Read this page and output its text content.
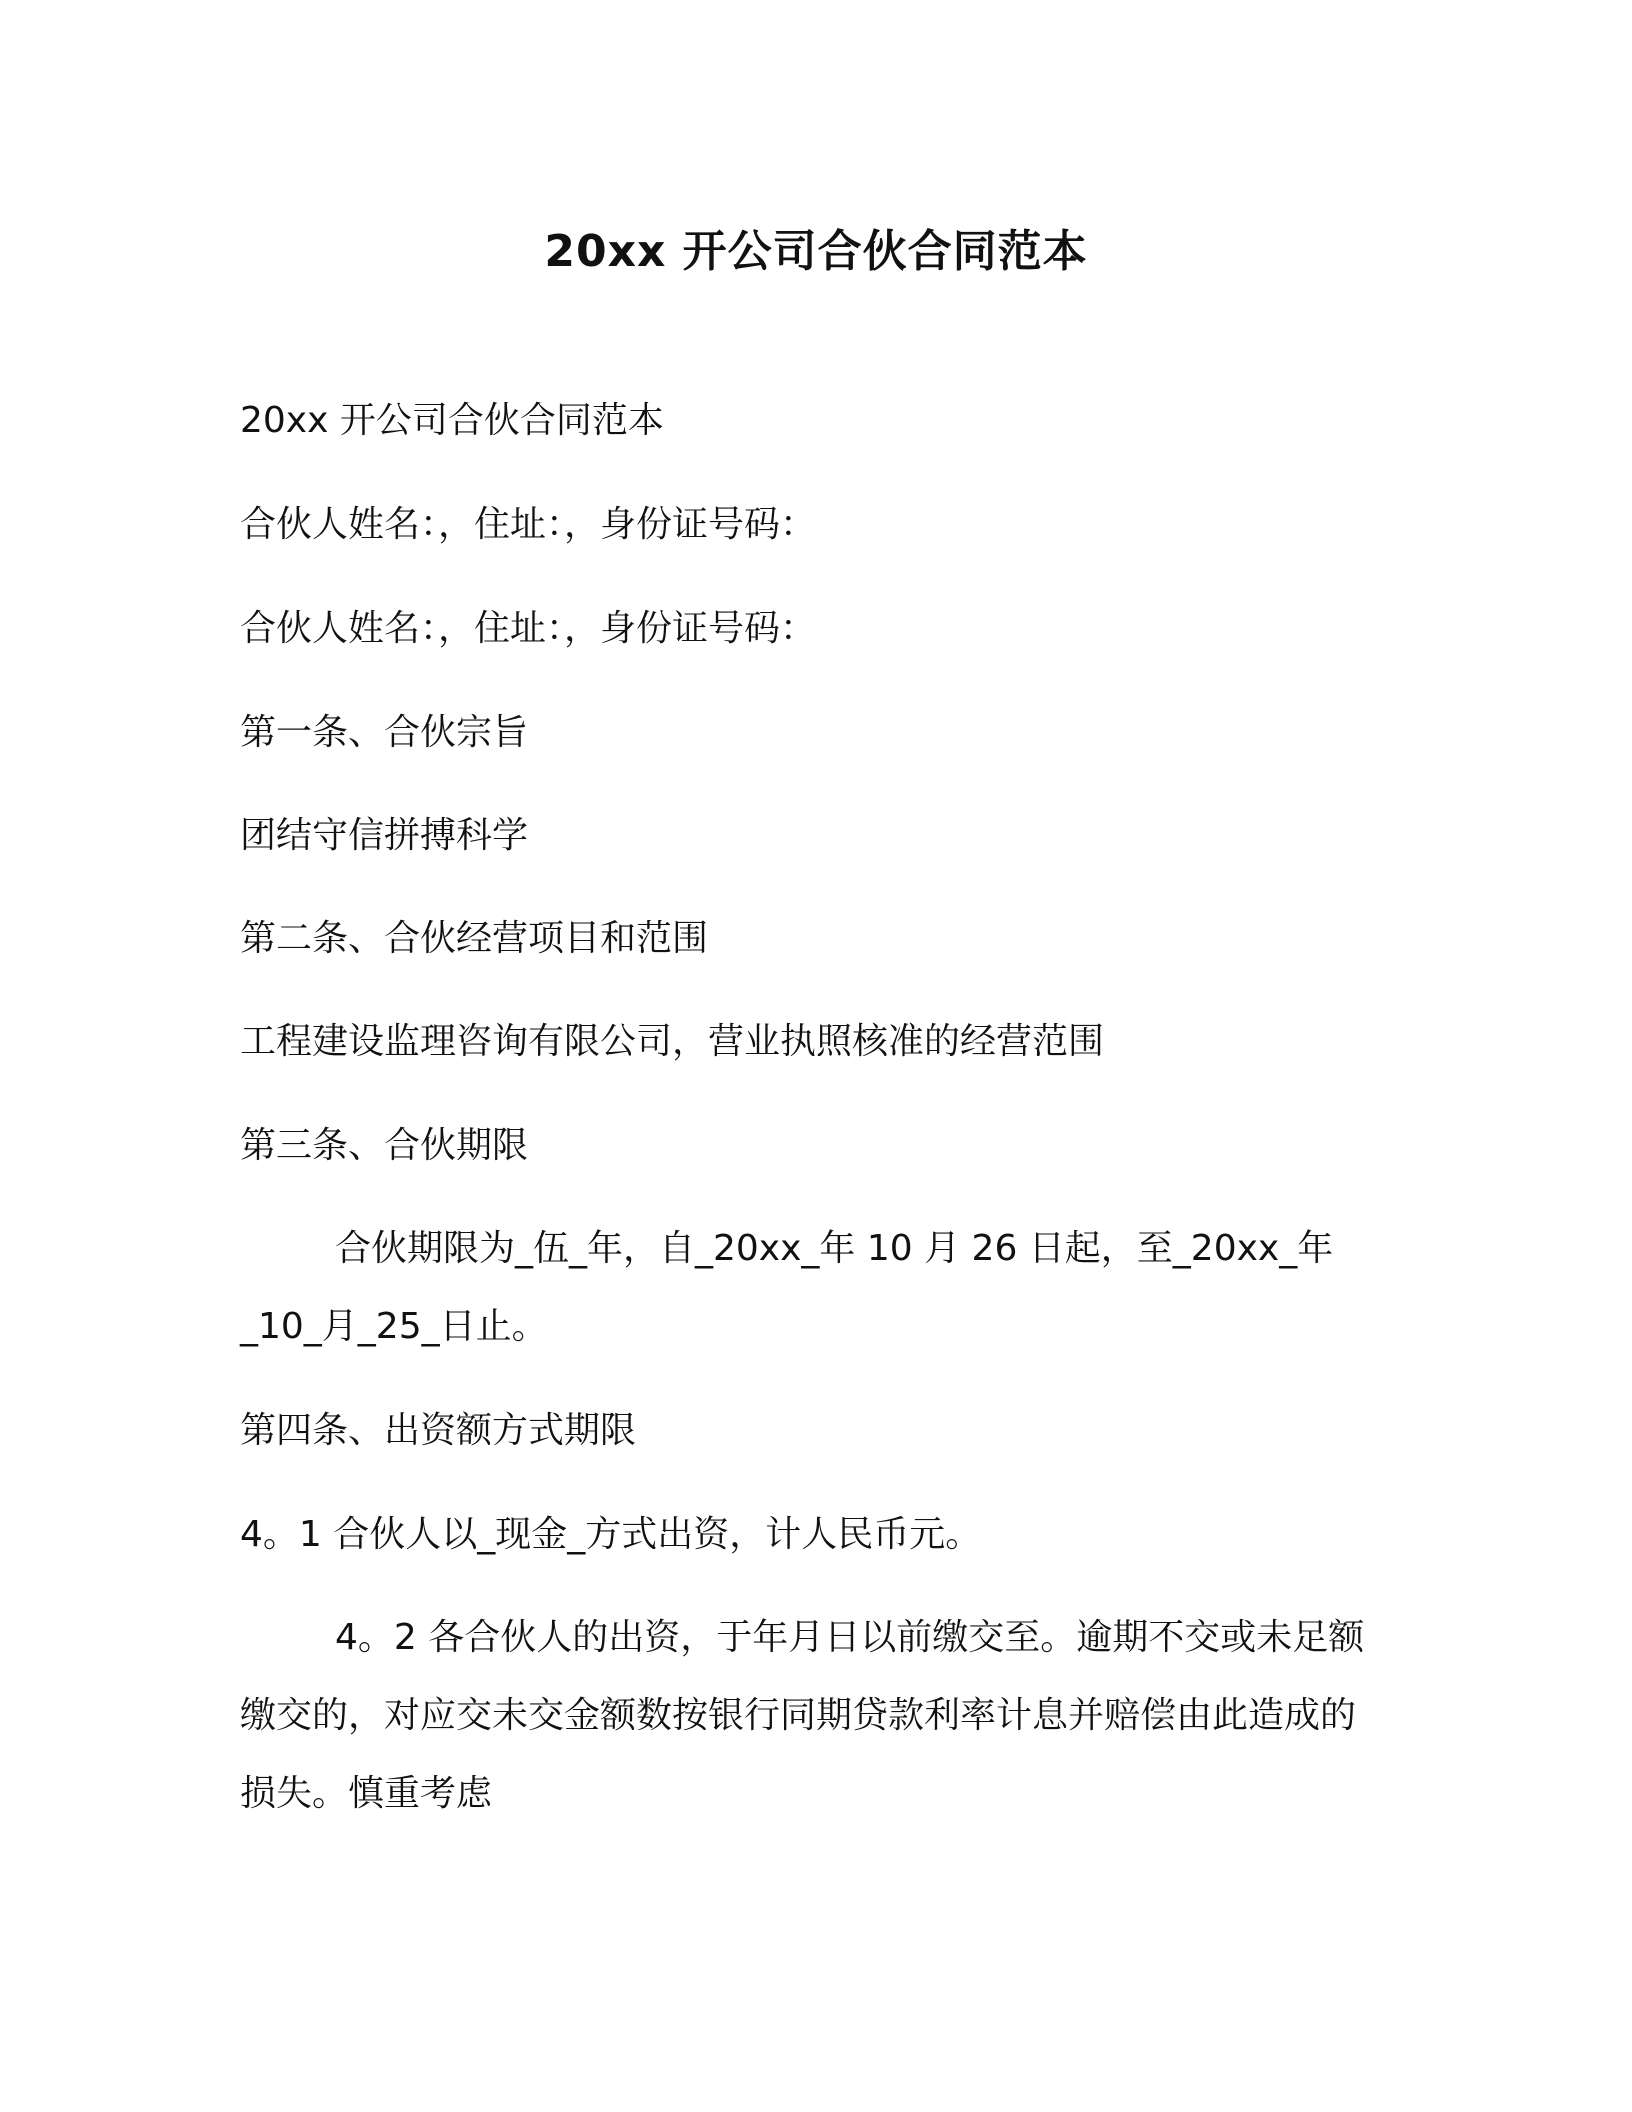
20xx 开公司合伙合同范本

20xx 开公司合伙合同范本

合伙人姓名：，住址：，身份证号码：

合伙人姓名：，住址：，身份证号码：

第一条、合伙宗旨

团结守信拼搏科学

第二条、合伙经营项目和范围

工程建设监理咨询有限公司，营业执照核准的经营范围

第三条、合伙期限

合伙期限为_伍_年，自_20xx_年 10 月 26 日起，至_20xx_年_10_月_25_日止。

第四条、出资额方式期限

4。1 合伙人以_现金_方式出资，计人民币元。

4。2 各合伙人的出资，于年月日以前缴交至。逾期不交或未足额缴交的，对应交未交金额数按银行同期贷款利率计息并赔偿由此造成的损失。慎重考虑
